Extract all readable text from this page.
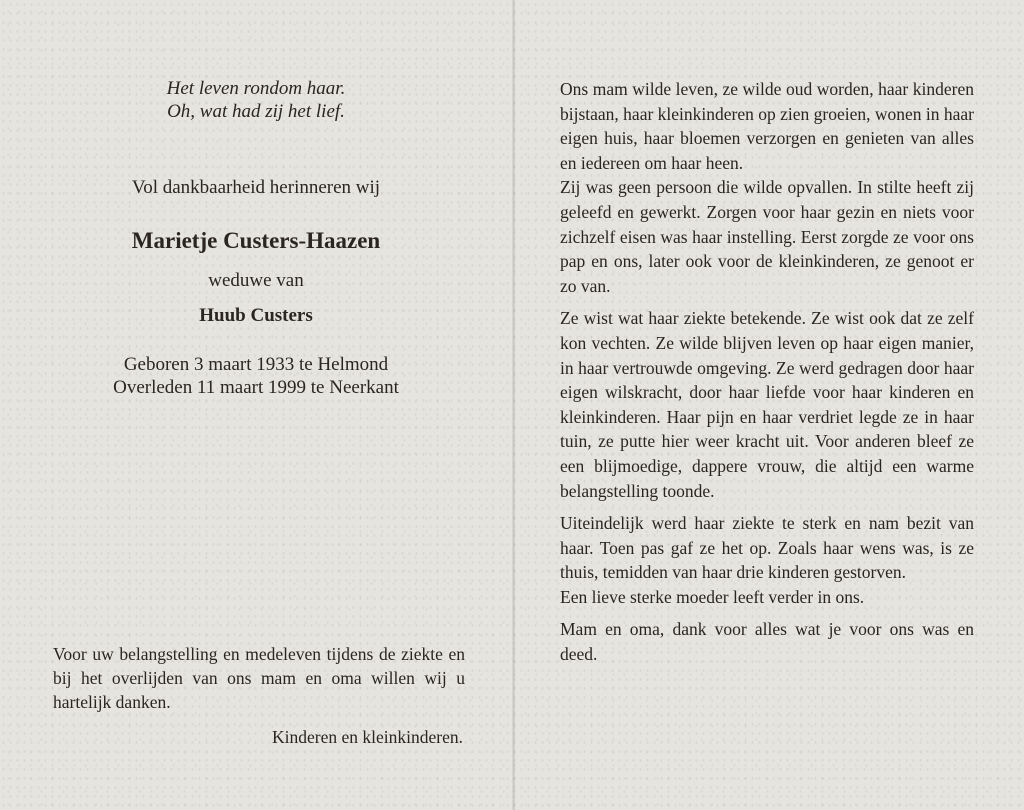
Het leven rondom haar.
Oh, wat had zij het lief.
Vol dankbaarheid herinneren wij
Marietje Custers-Haazen
weduwe van
Huub Custers
Geboren 3 maart 1933 te Helmond
Overleden 11 maart 1999 te Neerkant
Voor uw belangstelling en medeleven tijdens de ziekte en bij het overlijden van ons mam en oma willen wij u hartelijk danken.
Kinderen en kleinkinderen.

Ons mam wilde leven, ze wilde oud worden, haar kinderen bijstaan, haar kleinkinderen op zien groeien, wonen in haar eigen huis, haar bloemen verzorgen en genieten van alles en iedereen om haar heen.

Zij was geen persoon die wilde opvallen. In stilte heeft zij geleefd en gewerkt. Zorgen voor haar gezin en niets voor zichzelf eisen was haar instelling. Eerst zorgde ze voor ons pap en ons, later ook voor de kleinkinderen, ze genoot er zo van.

Ze wist wat haar ziekte betekende. Ze wist ook dat ze zelf kon vechten. Ze wilde blijven leven op haar eigen manier, in haar vertrouwde omgeving. Ze werd gedragen door haar eigen wilskracht, door haar liefde voor haar kinderen en kleinkinderen. Haar pijn en haar verdriet legde ze in haar tuin, ze putte hier weer kracht uit. Voor anderen bleef ze een blijmoedige, dappere vrouw, die altijd een warme belangstelling toonde.

Uiteindelijk werd haar ziekte te sterk en nam bezit van haar. Toen pas gaf ze het op. Zoals haar wens was, is ze thuis, temidden van haar drie kinderen gestorven.

Een lieve sterke moeder leeft verder in ons.

Mam en oma, dank voor alles wat je voor ons was en deed.
